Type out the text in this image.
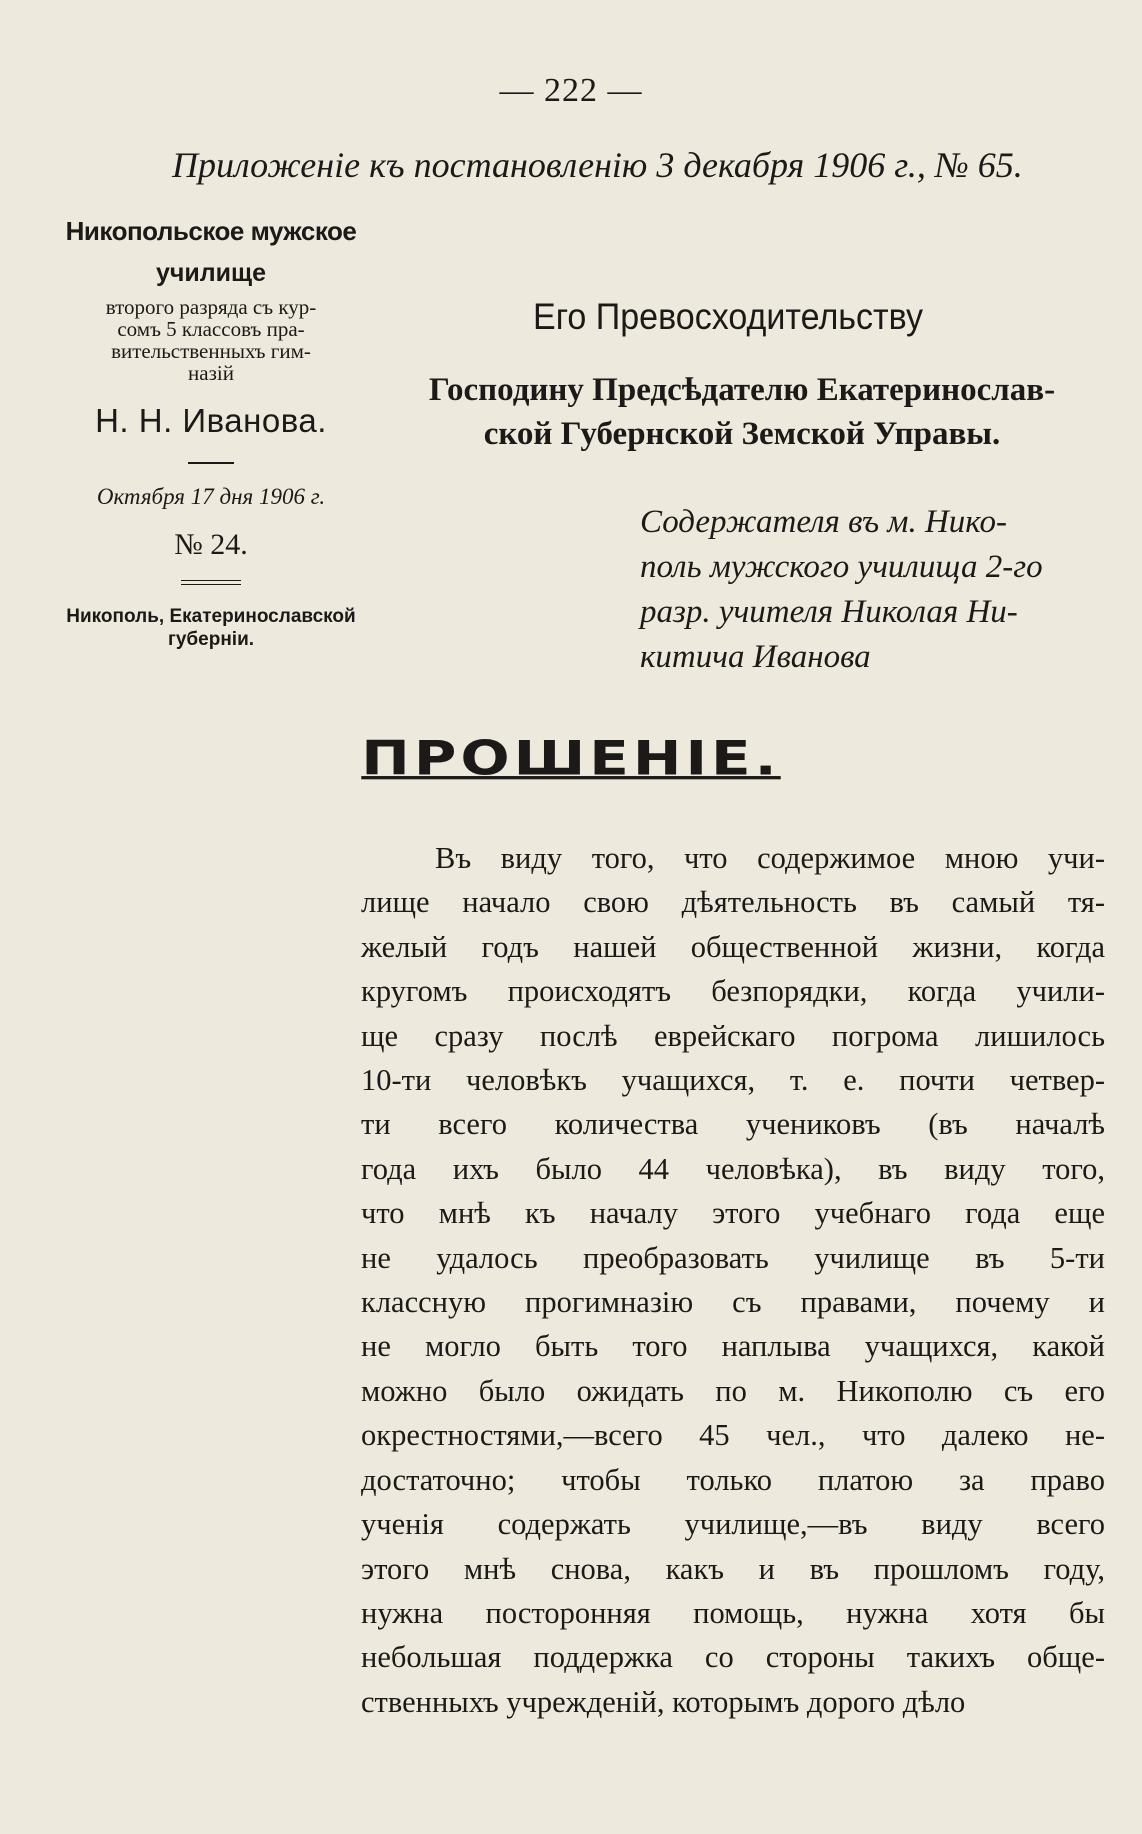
— 222 —
Приложеніе къ постановленію 3 декабря 1906 г., № 65.
Никопольское мужское
училище
второго разряда съ кур-
сомъ 5 классовъ пра-
вительственныхъ гим-
назій
Н. Н. Иванова.
Октября 17 дня 1906 г.
№ 24.
Никополь, Екатеринославской
губерніи.
Его Превосходительству
Господину Предсѣдателю Екатеринослав-
ской Губернской Земской Управы.
Содержателя въ м. Нико-
поль мужского училища 2-го
разр. учителя Николая Ни-
китича Иванова
ПРОШЕНІЕ.
Въ виду того, что содержимое мною учи-
лище начало свою дѣятельность въ самый тя-
желый годъ нашей общественной жизни, когда
кругомъ происходятъ безпорядки, когда учили-
ще сразу послѣ еврейскаго погрома лишилось
10-ти человѣкъ учащихся, т. е. почти четвер-
ти всего количества учениковъ (въ началѣ
года ихъ было 44 человѣка), въ виду того,
что мнѣ къ началу этого учебнаго года еще
не удалось преобразовать училище въ 5-ти
классную прогимназію съ правами, почему и
не могло быть того наплыва учащихся, какой
можно было ожидать по м. Никополю съ его
окрестностями,—всего 45 чел., что далеко не-
достаточно; чтобы только платою за право
ученія содержать училище,—въ виду всего
этого мнѣ снова, какъ и въ прошломъ году,
нужна посторонняя помощь, нужна хотя бы
небольшая поддержка со стороны такихъ обще-
ственныхъ учрежденій, которымъ дорого дѣло
